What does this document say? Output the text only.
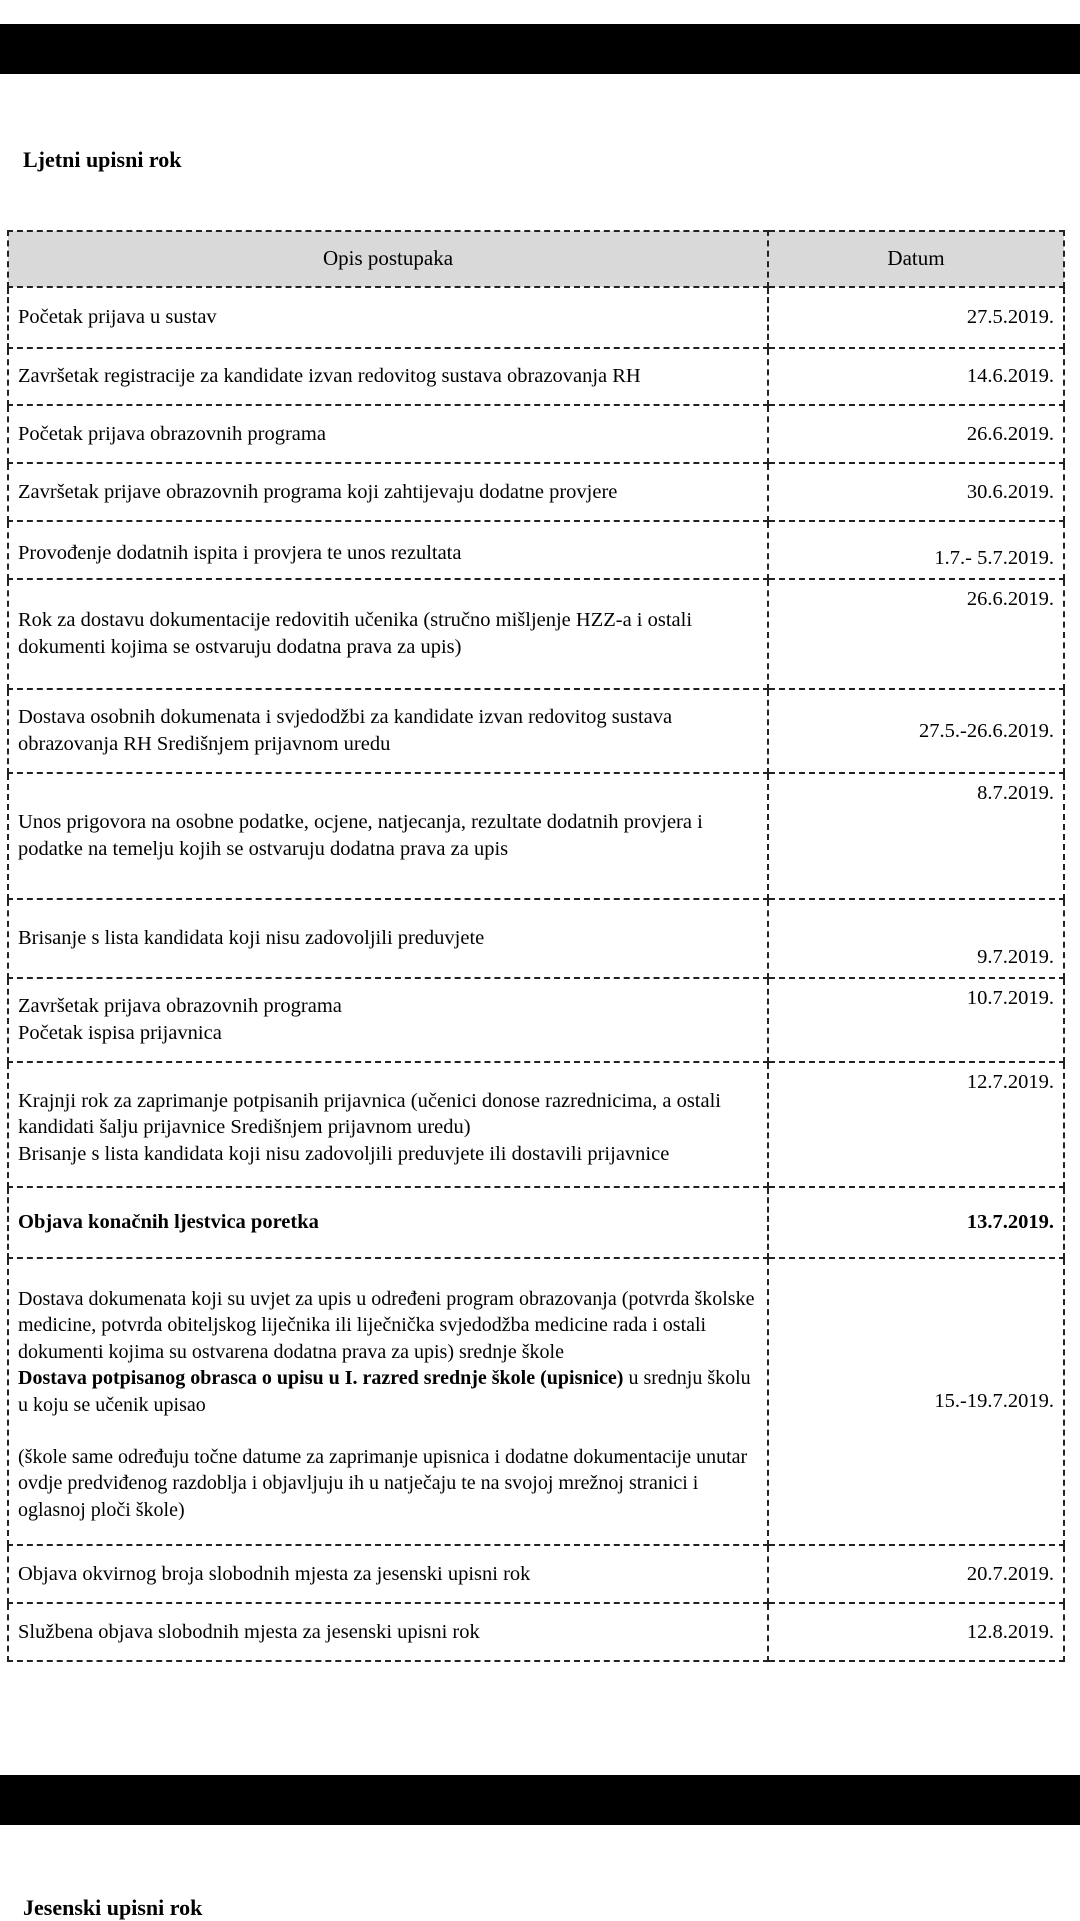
Ljetni upisni rok
Opis postupaka	Datum
Početak prijava u sustav	27.5.2019.
Završetak registracije za kandidate izvan redovitog sustava obrazovanja RH	14.6.2019.
Početak prijava obrazovnih programa	26.6.2019.
Završetak prijave obrazovnih programa koji zahtijevaju dodatne provjere	30.6.2019.
Provođenje dodatnih ispita i provjera te unos rezultata	1.7.- 5.7.2019.
Rok za dostavu dokumentacije redovitih učenika (stručno mišljenje HZZ-a i ostali dokumenti kojima se ostvaruju dodatna prava za upis)	26.6.2019.
Dostava osobnih dokumenata i svjedodžbi za kandidate izvan redovitog sustava obrazovanja RH Središnjem prijavnom uredu	27.5.-26.6.2019.
Unos prigovora na osobne podatke, ocjene, natjecanja, rezultate dodatnih provjera i podatke na temelju kojih se ostvaruju dodatna prava za upis	8.7.2019.
Brisanje s lista kandidata koji nisu zadovoljili preduvjete	9.7.2019.

Završetak prijava obrazovnih programa
Početak ispisa prijavnica	10.7.2019.

Krajnji rok za zaprimanje potpisanih prijavnica (učenici donose razrednicima, a ostali kandidati šalju prijavnice Središnjem prijavnom uredu)
Brisanje s lista kandidata koji nisu zadovoljili preduvjete ili dostavili prijavnice	12.7.2019.
Objava konačnih ljestvica poretka	13.7.2019.

Dostava dokumenata koji su uvjet za upis u određeni program obrazovanja (potvrda školske medicine, potvrda obiteljskog liječnika ili liječnička svjedodžba medicine rada i ostali dokumenti kojima su ostvarena dodatna prava za upis) srednje škole
Dostava potpisanog obrasca o upisu u I. razred srednje škole (upisnice) u srednju školu u koju se učenik upisao
(škole same određuju točne datume za zaprimanje upisnica i dodatne dokumentacije unutar ovdje predviđenog razdoblja i objavljuju ih u natječaju te na svojoj mrežnoj stranici i oglasnoj ploči škole)	15.-19.7.2019.
Objava okvirnog broja slobodnih mjesta za jesenski upisni rok	20.7.2019.
Službena objava slobodnih mjesta za jesenski upisni rok	12.8.2019.
Jesenski upisni rok
